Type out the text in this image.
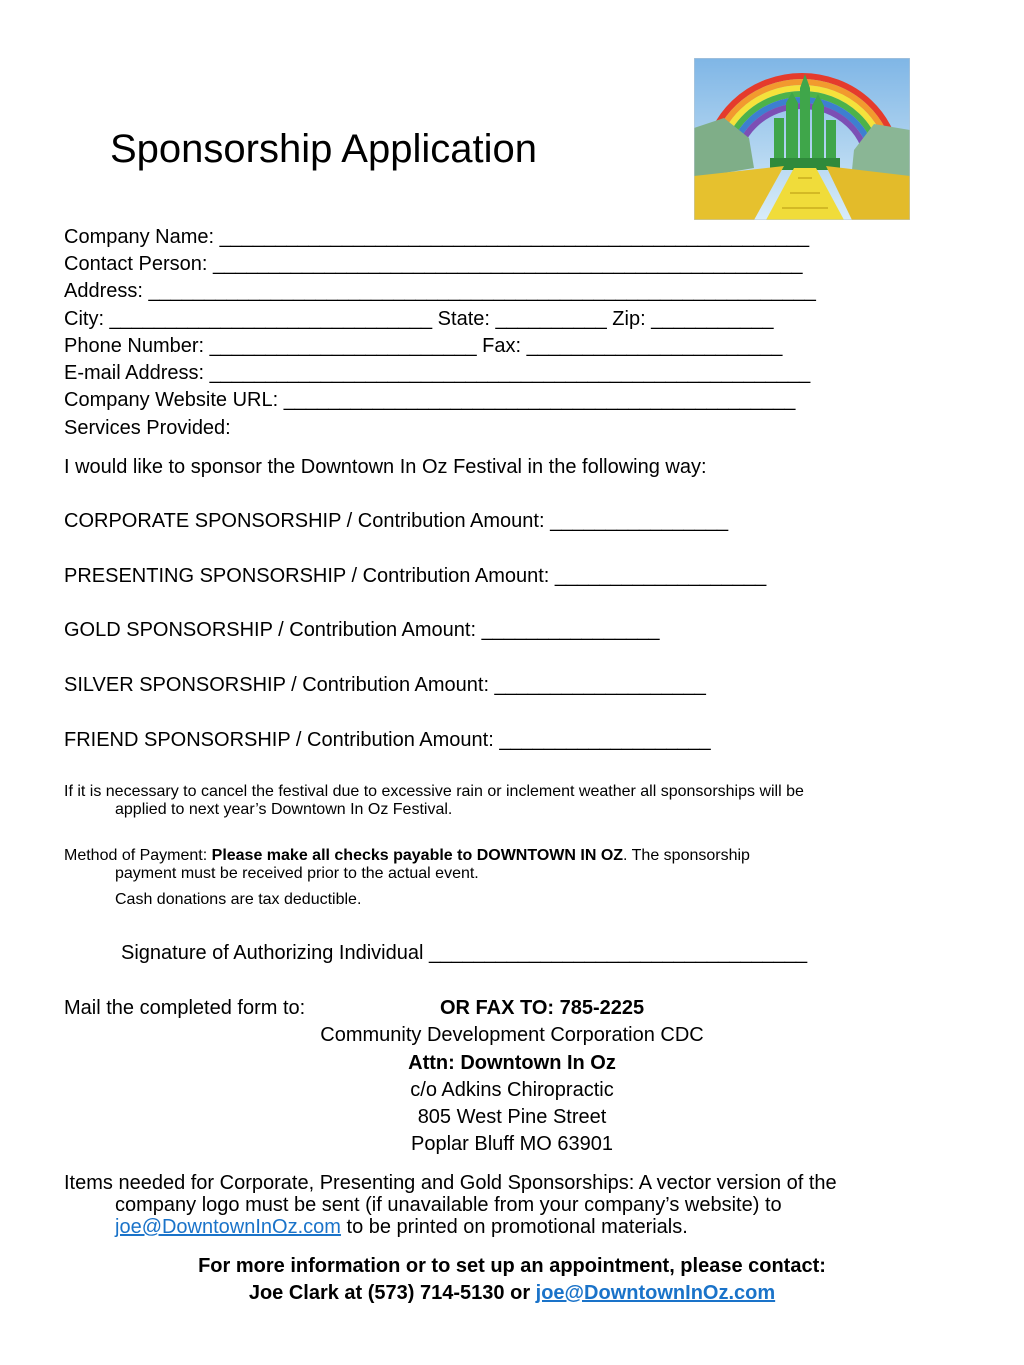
Sponsorship Application
Company Name: _____________________________________________________
Contact Person: _____________________________________________________
Address: ____________________________________________________________
City: _____________________________ State: __________ Zip: ___________
Phone Number: ________________________ Fax: _______________________
E-mail Address: ______________________________________________________
Company Website URL: ______________________________________________
Services Provided:
I would like to sponsor the Downtown In Oz Festival in the following way:
CORPORATE SPONSORSHIP / Contribution Amount: ________________
PRESENTING SPONSORSHIP / Contribution Amount: ___________________
GOLD SPONSORSHIP / Contribution Amount: ________________
SILVER SPONSORSHIP / Contribution Amount: ___________________
FRIEND SPONSORSHIP / Contribution Amount: ___________________
If it is necessary to cancel the festival due to excessive rain or inclement weather all sponsorships will be
applied to next year’s Downtown In Oz Festival.
Method of Payment: Please make all checks payable to DOWNTOWN IN OZ. The sponsorship
payment must be received prior to the actual event.
Cash donations are tax deductible.
Signature of Authorizing Individual __________________________________
Mail the completed form to:	OR FAX TO: 785-2225
Community Development Corporation CDC
Attn: Downtown In Oz
c/o Adkins Chiropractic
805 West Pine Street
Poplar Bluff MO 63901
Items needed for Corporate, Presenting and Gold Sponsorships: A vector version of the
company logo must be sent (if unavailable from your company’s website) to
joe@DowntownInOz.com to be printed on promotional materials.
For more information or to set up an appointment, please contact:
Joe Clark at (573) 714-5130 or joe@DowntownInOz.com
